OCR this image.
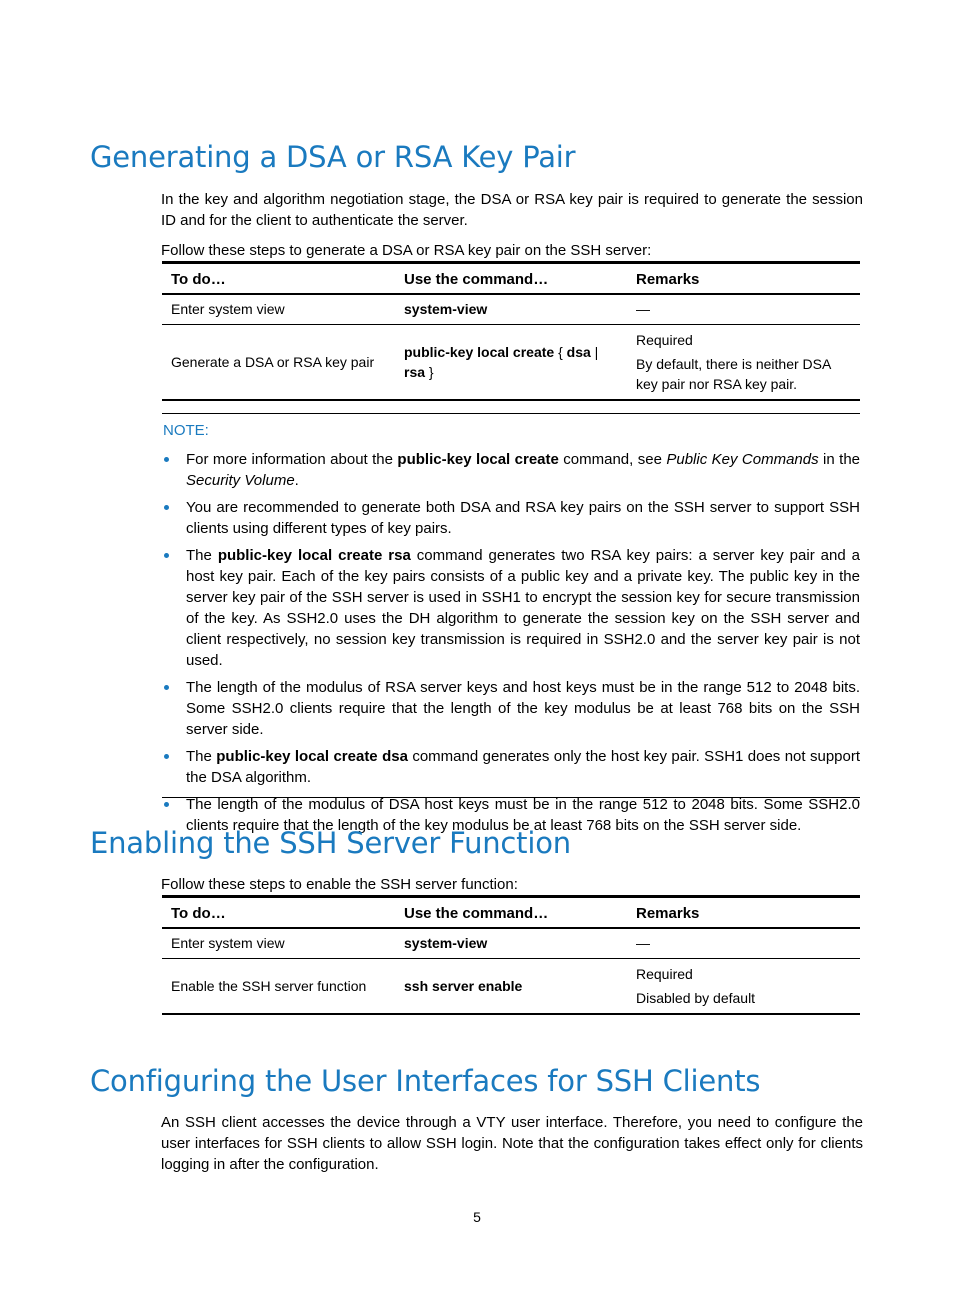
Generating a DSA or RSA Key Pair

In the key and algorithm negotiation stage, the DSA or RSA key pair is required to generate the session ID and for the client to authenticate the server.

Follow these steps to generate a DSA or RSA key pair on the SSH server:

To do…	Use the command…	Remarks
Enter system view	system-view	—
Generate a DSA or RSA key pair	public-key local create { dsa | rsa }	Required
By default, there is neither DSA key pair nor RSA key pair.
NOTE:
For more information about the public-key local create command, see Public Key Commands in the Security Volume.
You are recommended to generate both DSA and RSA key pairs on the SSH server to support SSH clients using different types of key pairs.
The public-key local create rsa command generates two RSA key pairs: a server key pair and a host key pair. Each of the key pairs consists of a public key and a private key. The public key in the server key pair of the SSH server is used in SSH1 to encrypt the session key for secure transmission of the key. As SSH2.0 uses the DH algorithm to generate the session key on the SSH server and client respectively, no session key transmission is required in SSH2.0 and the server key pair is not used.
The length of the modulus of RSA server keys and host keys must be in the range 512 to 2048 bits. Some SSH2.0 clients require that the length of the key modulus be at least 768 bits on the SSH server side.
The public-key local create dsa command generates only the host key pair. SSH1 does not support the DSA algorithm.
The length of the modulus of DSA host keys must be in the range 512 to 2048 bits. Some SSH2.0 clients require that the length of the key modulus be at least 768 bits on the SSH server side.
Enabling the SSH Server Function

Follow these steps to enable the SSH server function:

To do…	Use the command…	Remarks
Enter system view	system-view	—
Enable the SSH server function	ssh server enable	Required
Disabled by default
Configuring the User Interfaces for SSH Clients

An SSH client accesses the device through a VTY user interface. Therefore, you need to configure the user interfaces for SSH clients to allow SSH login. Note that the configuration takes effect only for clients logging in after the configuration.

5
